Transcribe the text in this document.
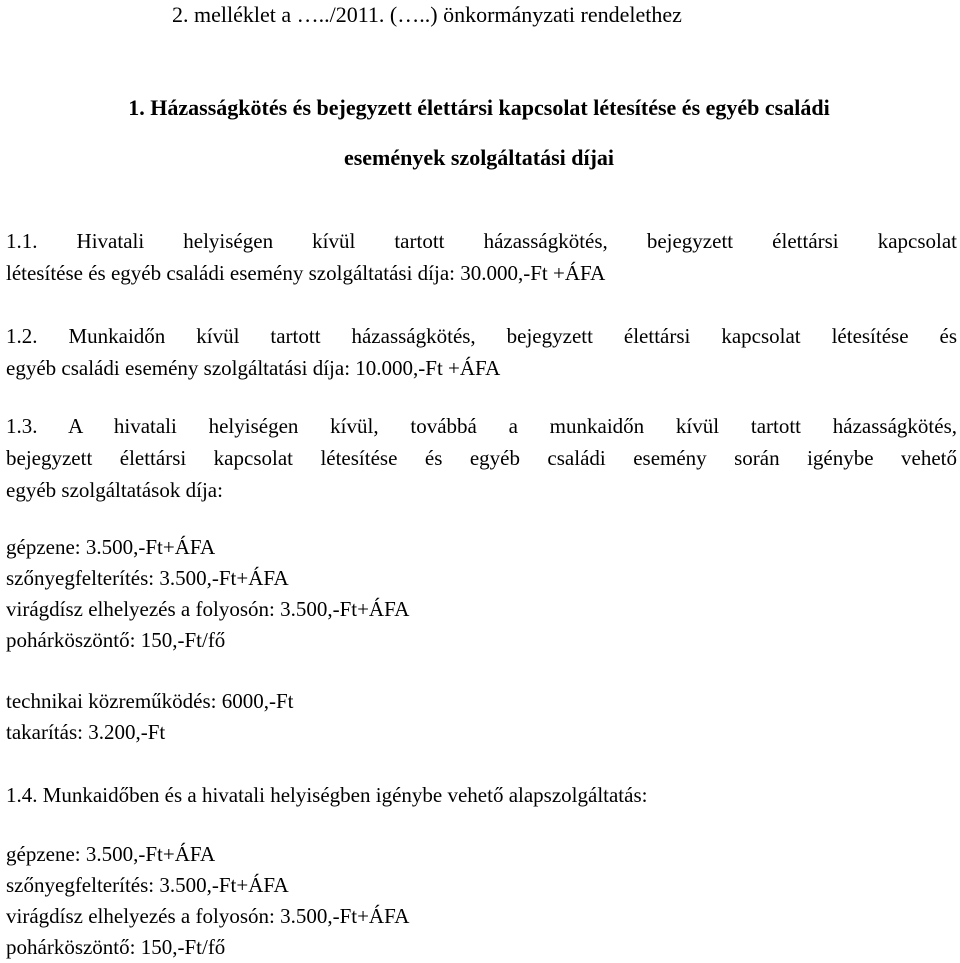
2. melléklet a …../2011. (…..) önkormányzati rendelethez
1. Házasságkötés és bejegyzett élettársi kapcsolat létesítése és egyéb családi
események szolgáltatási díjai
1.1. Hivatali helyiségen kívül tartott házasságkötés, bejegyzett élettársi kapcsolat
létesítése és egyéb családi esemény szolgáltatási díja: 30.000,-Ft +ÁFA
1.2. Munkaidőn kívül tartott házasságkötés, bejegyzett élettársi kapcsolat létesítése és
egyéb családi esemény szolgáltatási díja: 10.000,-Ft +ÁFA
1.3. A hivatali helyiségen kívül, továbbá a munkaidőn kívül tartott házasságkötés,
bejegyzett élettársi kapcsolat létesítése és egyéb családi esemény során igénybe vehető
egyéb szolgáltatások díja:
gépzene: 3.500,-Ft+ÁFA
szőnyegfelterítés: 3.500,-Ft+ÁFA
virágdísz elhelyezés a folyosón: 3.500,-Ft+ÁFA
pohárköszöntő: 150,-Ft/fő
technikai közreműködés: 6000,-Ft
takarítás: 3.200,-Ft
1.4. Munkaidőben és a hivatali helyiségben igénybe vehető alapszolgáltatás:
gépzene: 3.500,-Ft+ÁFA
szőnyegfelterítés: 3.500,-Ft+ÁFA
virágdísz elhelyezés a folyosón: 3.500,-Ft+ÁFA
pohárköszöntő: 150,-Ft/fő
